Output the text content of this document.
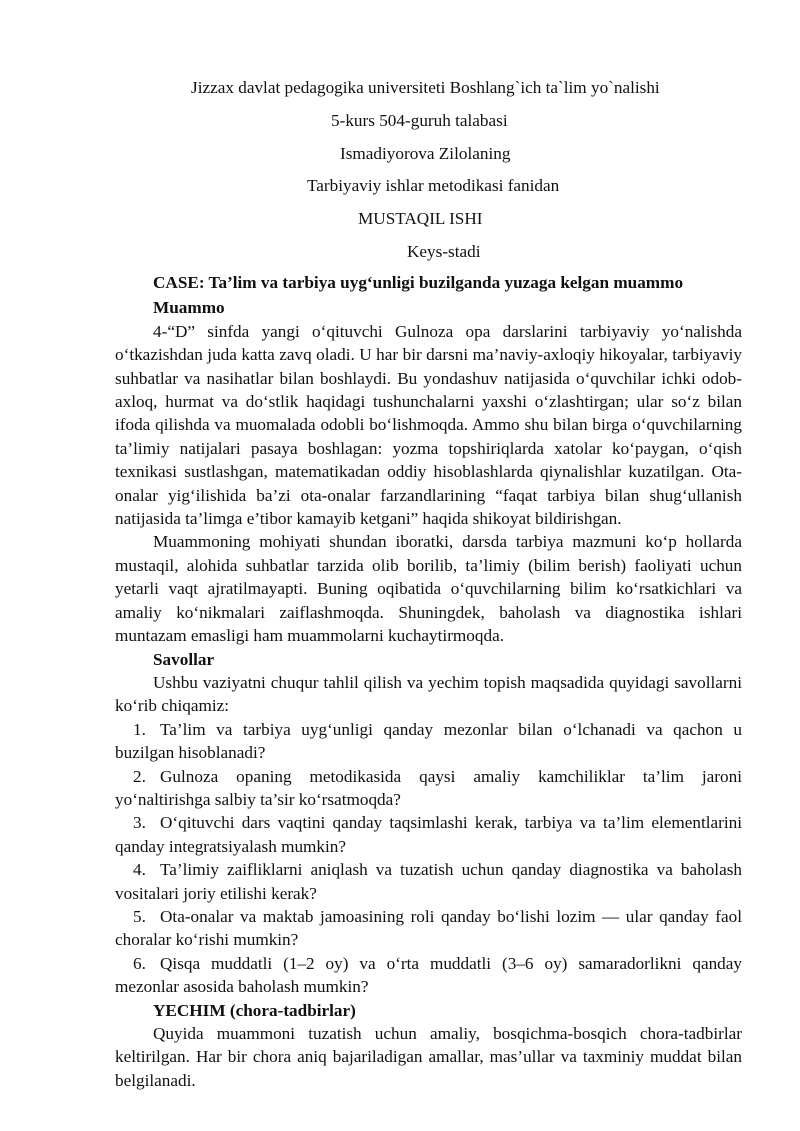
Jizzax davlat pedagogika universiteti Boshlang`ich ta`lim yo`nalishi
5-kurs 504-guruh talabasi
Ismadiyorova Zilolaning
Tarbiyaviy ishlar metodikasi fanidan
MUSTAQIL ISHI
Keys-stadi

CASE: Ta’lim va tarbiya uyg‘unligi buzilganda yuzaga kelgan muammo

Muammo

4-“D” sinfda yangi o‘qituvchi Gulnoza opa darslarini tarbiyaviy yo‘nalishda o‘tkazishdan juda katta zavq oladi. U har bir darsni ma’naviy-axloqiy hikoyalar, tarbiyaviy suhbatlar va nasihatlar bilan boshlaydi. Bu yondashuv natijasida o‘quvchilar ichki odob-axloq, hurmat va do‘stlik haqidagi tushunchalarni yaxshi o‘zlashtirgan; ular so‘z bilan ifoda qilishda va muomalada odobli bo‘lishmoqda. Ammo shu bilan birga o‘quvchilarning ta’limiy natijalari pasaya boshlagan: yozma topshiriqlarda xatolar ko‘paygan, o‘qish texnikasi sustlashgan, matematikadan oddiy hisoblashlarda qiynalishlar kuzatilgan. Ota-onalar yig‘ilishida ba’zi ota-onalar farzandlarining “faqat tarbiya bilan shug‘ullanish natijasida ta’limga e’tibor kamayib ketgani” haqida shikoyat bildirishgan.

Muammoning mohiyati shundan iboratki, darsda tarbiya mazmuni ko‘p hollarda mustaqil, alohida suhbatlar tarzida olib borilib, ta’limiy (bilim berish) faoliyati uchun yetarli vaqt ajratilmayapti. Buning oqibatida o‘quvchilarning bilim ko‘rsatkichlari va amaliy ko‘nikmalari zaiflashmoqda. Shuningdek, baholash va diagnostika ishlari muntazam emasligi ham muammolarni kuchaytirmoqda.

Savollar

Ushbu vaziyatni chuqur tahlil qilish va yechim topish maqsadida quyidagi savollarni ko‘rib chiqamiz:

1. Ta’lim va tarbiya uyg‘unligi qanday mezonlar bilan o‘lchanadi va qachon u buzilgan hisoblanadi?
2. Gulnoza opaning metodikasida qaysi amaliy kamchiliklar ta’lim jaroni yo‘naltirishga salbiy ta’sir ko‘rsatmoqda?
3. O‘qituvchi dars vaqtini qanday taqsimlashi kerak, tarbiya va ta’lim elementlarini qanday integratsiyalash mumkin?
4. Ta’limiy zaifliklarni aniqlash va tuzatish uchun qanday diagnostika va baholash vositalari joriy etilishi kerak?
5. Ota-onalar va maktab jamoasining roli qanday bo‘lishi lozim — ular qanday faol choralar ko‘rishi mumkin?
6. Qisqa muddatli (1–2 oy) va o‘rta muddatli (3–6 oy) samaradorlikni qanday mezonlar asosida baholash mumkin?

YECHIM (chora-tadbirlar)

Quyida muammoni tuzatish uchun amaliy, bosqichma-bosqich chora-tadbirlar keltirilgan. Har bir chora aniq bajariladigan amallar, mas’ullar va taxminiy muddat bilan belgilanadi.
